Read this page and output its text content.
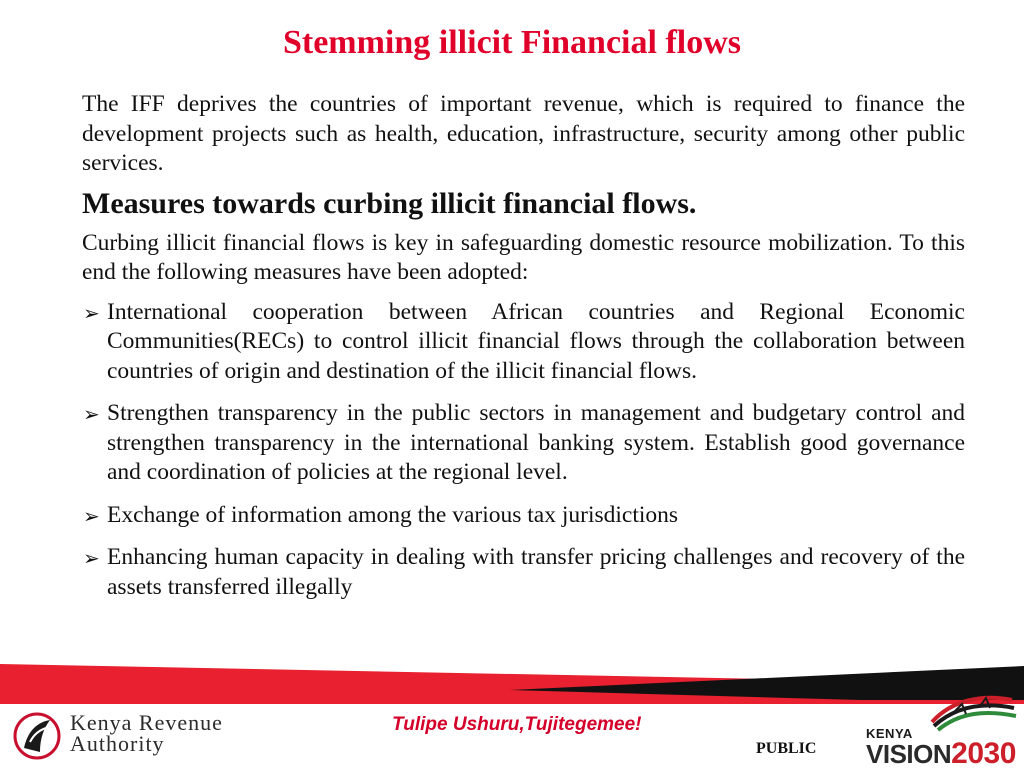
Stemming illicit Financial flows

The IFF deprives the countries of important revenue, which is required to finance the development projects such as health, education, infrastructure, security among other public services.

Measures towards curbing illicit financial flows.

Curbing illicit financial flows is key in safeguarding domestic resource mobilization. To this end the following measures have been adopted:

➢ International cooperation between African countries and Regional Economic Communities(RECs) to control illicit financial flows through the collaboration between countries of origin and destination of the illicit financial flows.
➢ Strengthen transparency in the public sectors in management and budgetary control and strengthen transparency in the international banking system. Establish good governance and coordination of policies at the regional level.
➢ Exchange of information among the various tax jurisdictions
➢ Enhancing human capacity in dealing with transfer pricing challenges and recovery of the assets transferred illegally
Kenya Revenue
Authority
Tulipe Ushuru,Tujitegemee!
PUBLIC
KENYA
VISION2030
